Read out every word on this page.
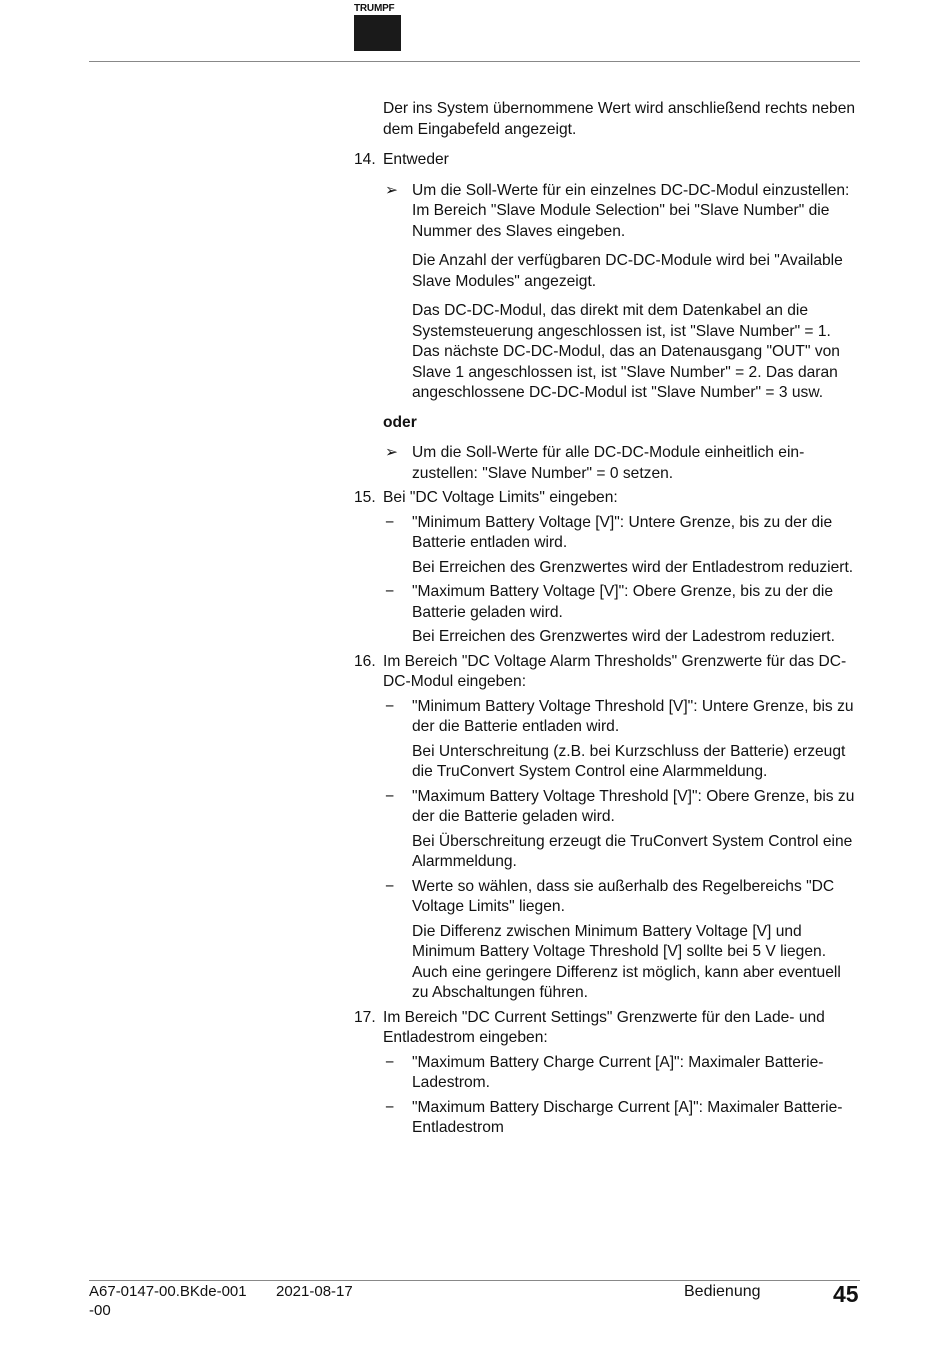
TRUMPF

Der ins System übernommene Wert wird anschließend rechts neben dem Eingabefeld angezeigt.

14. Entweder

➢ Um die Soll-Werte für ein einzelnes DC-DC-Modul einzustellen: Im Bereich "Slave Module Selection" bei "Slave Number" die Nummer des Slaves eingeben.

Die Anzahl der verfügbaren DC-DC-Module wird bei "Available Slave Modules" angezeigt.

Das DC-DC-Modul, das direkt mit dem Datenkabel an die Systemsteuerung angeschlossen ist, ist "Slave Number" = 1. Das nächste DC-DC-Modul, das an Datenausgang "OUT" von Slave 1 angeschlossen ist, ist "Slave Number" = 2. Das daran angeschlossene DC-DC-Modul ist "Slave Number" = 3 usw.

oder

➢ Um die Soll-Werte für alle DC-DC-Module einheitlich einzustellen: "Slave Number" = 0 setzen.

15. Bei "DC Voltage Limits" eingeben:

− "Minimum Battery Voltage [V]": Untere Grenze, bis zu der die Batterie entladen wird.

Bei Erreichen des Grenzwertes wird der Entladestrom reduziert.

− "Maximum Battery Voltage [V]": Obere Grenze, bis zu der die Batterie geladen wird.

Bei Erreichen des Grenzwertes wird der Ladestrom reduziert.

16. Im Bereich "DC Voltage Alarm Thresholds" Grenzwerte für das DC-DC-Modul eingeben:

− "Minimum Battery Voltage Threshold [V]": Untere Grenze, bis zu der die Batterie entladen wird.

Bei Unterschreitung (z.B. bei Kurzschluss der Batterie) erzeugt die TruConvert System Control eine Alarmmeldung.

− "Maximum Battery Voltage Threshold [V]": Obere Grenze, bis zu der die Batterie geladen wird.

Bei Überschreitung erzeugt die TruConvert System Control eine Alarmmeldung.

− Werte so wählen, dass sie außerhalb des Regelbereichs "DC Voltage Limits" liegen.

Die Differenz zwischen Minimum Battery Voltage [V] und Minimum Battery Voltage Threshold [V] sollte bei 5 V liegen. Auch eine geringere Differenz ist möglich, kann aber eventuell zu Abschaltungen führen.

17. Im Bereich "DC Current Settings" Grenzwerte für den Lade- und Entladestrom eingeben:

− "Maximum Battery Charge Current [A]": Maximaler Batterie-Ladestrom.

− "Maximum Battery Discharge Current [A]": Maximaler Batterie-Entladestrom

A67-0147-00.BKde-001-00
2021-08-17	Bedienung	45
